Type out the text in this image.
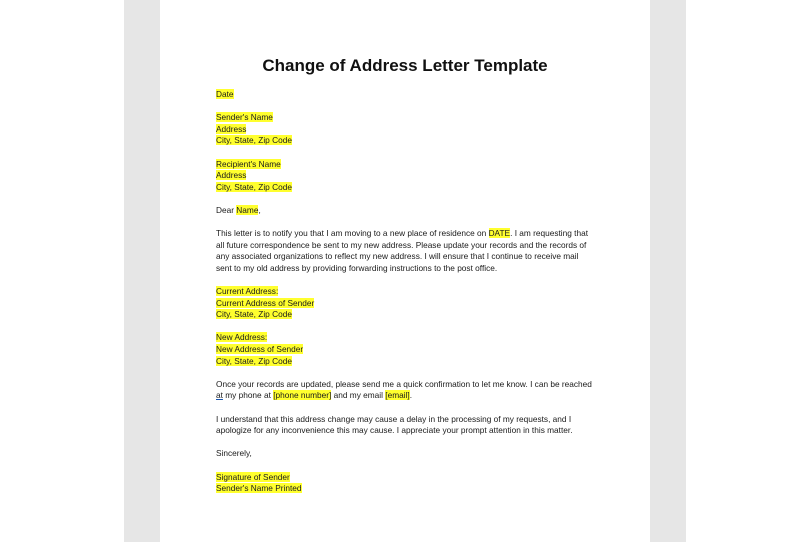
Change of Address Letter Template

Date

Sender's Name
Address
City, State, Zip Code

Recipient's Name
Address
City, State, Zip Code

Dear Name,

This letter is to notify you that I am moving to a new place of residence on DATE. I am requesting that all future correspondence be sent to my new address. Please update your records and the records of any associated organizations to reflect my new address. I will ensure that I continue to receive mail sent to my old address by providing forwarding instructions to the post office.

Current Address:
Current Address of Sender
City, State, Zip Code

New Address:
New Address of Sender
City, State, Zip Code

Once your records are updated, please send me a quick confirmation to let me know. I can be reached at my phone at [phone number] and my email [email].

I understand that this address change may cause a delay in the processing of my requests, and I apologize for any inconvenience this may cause. I appreciate your prompt attention in this matter.

Sincerely,

Signature of Sender
Sender's Name Printed
